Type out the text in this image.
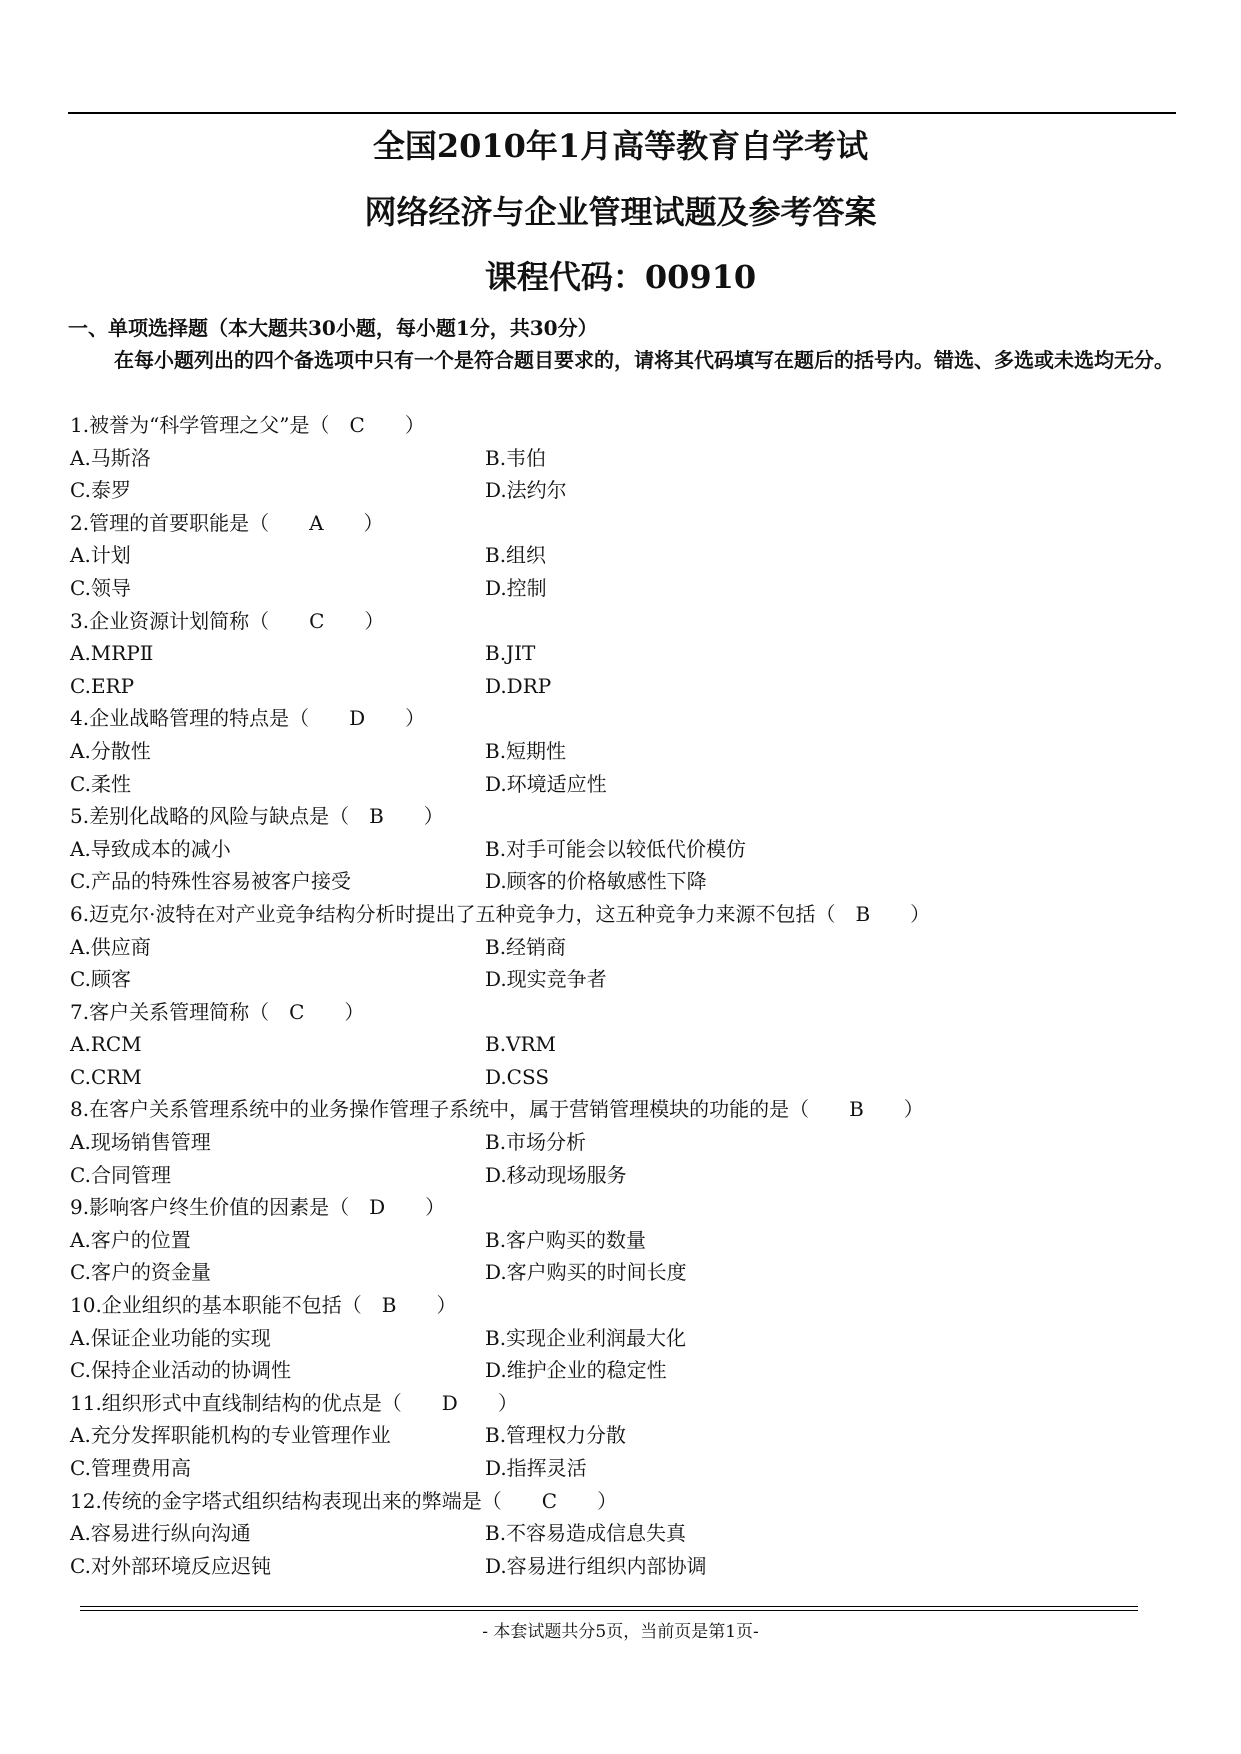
全国2010年1月高等教育自学考试
网络经济与企业管理试题及参考答案
课程代码：00910
一、单项选择题（本大题共30小题，每小题1分，共30分）
在每小题列出的四个备选项中只有一个是符合题目要求的，请将其代码填写在题后的括号内。错选、多选或未选均无分。
1.被誉为“科学管理之父”是（　C　　）
A.马斯洛	B.韦伯
C.泰罗	D.法约尔
2.管理的首要职能是（　　A　　）
A.计划	B.组织
C.领导	D.控制
3.企业资源计划简称（　　C　　）
A.MRPⅡ	B.JIT
C.ERP	D.DRP
4.企业战略管理的特点是（　　D　　）
A.分散性	B.短期性
C.柔性	D.环境适应性
5.差别化战略的风险与缺点是（　B　　）
A.导致成本的减小	B.对手可能会以较低代价模仿
C.产品的特殊性容易被客户接受	D.顾客的价格敏感性下降
6.迈克尔·波特在对产业竞争结构分析时提出了五种竞争力，这五种竞争力来源不包括（　B　　）
A.供应商	B.经销商
C.顾客	D.现实竞争者
7.客户关系管理简称（　C　　）
A.RCM	B.VRM
C.CRM	D.CSS
8.在客户关系管理系统中的业务操作管理子系统中，属于营销管理模块的功能的是（　　B　　）
A.现场销售管理	B.市场分析
C.合同管理	D.移动现场服务
9.影响客户终生价值的因素是（　D　　）
A.客户的位置	B.客户购买的数量
C.客户的资金量	D.客户购买的时间长度
10.企业组织的基本职能不包括（　B　　）
A.保证企业功能的实现	B.实现企业利润最大化
C.保持企业活动的协调性	D.维护企业的稳定性
11.组织形式中直线制结构的优点是（　　D　　）
A.充分发挥职能机构的专业管理作业	B.管理权力分散
C.管理费用高	D.指挥灵活
12.传统的金字塔式组织结构表现出来的弊端是（　　C　　）
A.容易进行纵向沟通	B.不容易造成信息失真
C.对外部环境反应迟钝	D.容易进行组织内部协调
- 本套试题共分5页，当前页是第1页-
